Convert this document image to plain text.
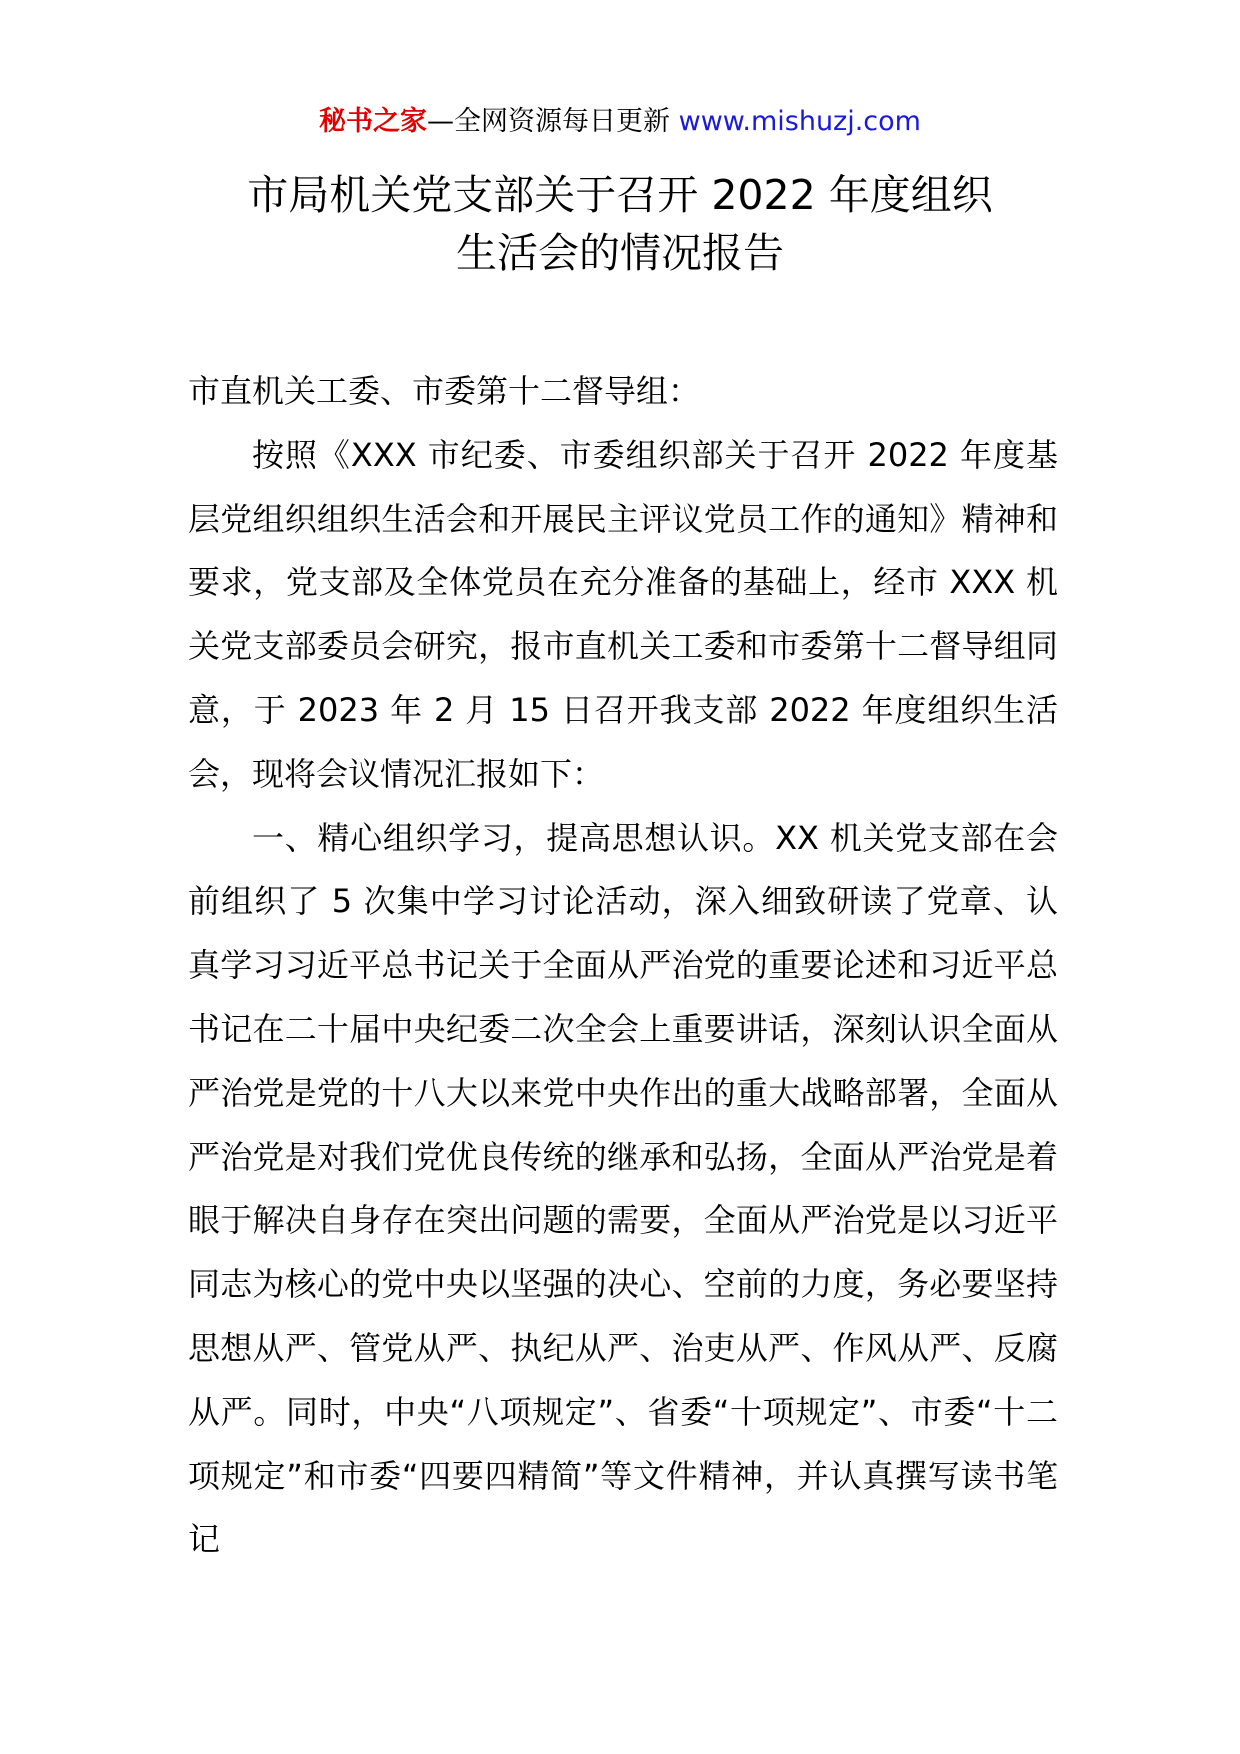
秘书之家—全网资源每日更新 www.mishuzj.com
市局机关党支部关于召开 2022 年度组织
生活会的情况报告

市直机关工委、市委第十二督导组：

按照《XXX 市纪委、市委组织部关于召开 2022 年度基层党组织组织生活会和开展民主评议党员工作的通知》精神和要求，党支部及全体党员在充分准备的基础上，经市 XXX 机关党支部委员会研究，报市直机关工委和市委第十二督导组同意，于 2023 年 2 月 15 日召开我支部 2022 年度组织生活会，现将会议情况汇报如下：

一、精心组织学习，提高思想认识。XX 机关党支部在会前组织了 5 次集中学习讨论活动，深入细致研读了党章、认真学习习近平总书记关于全面从严治党的重要论述和习近平总书记在二十届中央纪委二次全会上重要讲话，深刻认识全面从严治党是党的十八大以来党中央作出的重大战略部署，全面从严治党是对我们党优良传统的继承和弘扬，全面从严治党是着眼于解决自身存在突出问题的需要，全面从严治党是以习近平同志为核心的党中央以坚强的决心、空前的力度，务必要坚持思想从严、管党从严、执纪从严、治吏从严、作风从严、反腐从严。同时，中央“八项规定”、省委“十项规定”、市委“十二项规定”和市委“四要四精简”等文件精神，并认真撰写读书笔记
